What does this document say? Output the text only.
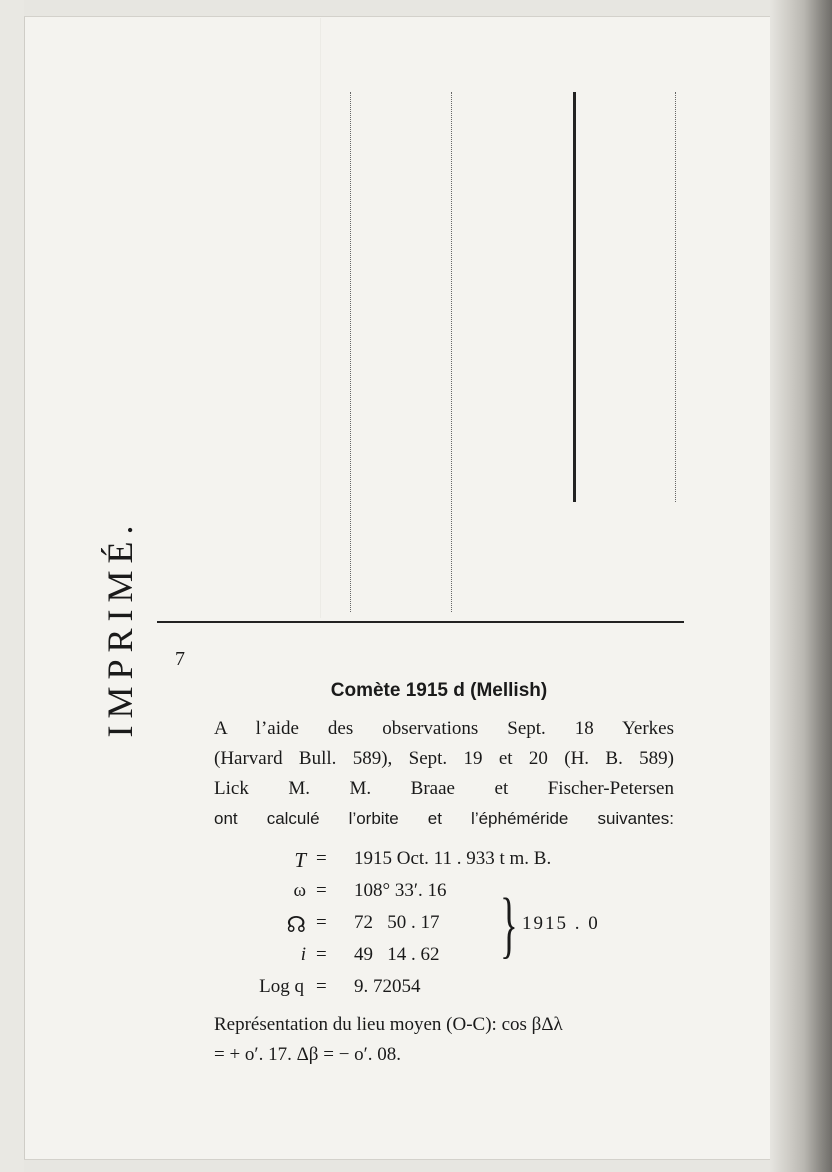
IMPRIMÉ. 7
Comète 1915 d (Mellish)
A l’aide des observations Sept. 18 Yerkes
(Harvard Bull. 589), Sept. 19 et 20 (H. B. 589)
Lick M. M. Braae et Fischer-Petersen
ont calculé l’orbite et l’éphéméride suivantes:
T = 1915 Oct. 11 . 933 t m. B.
ω = 108° 33′. 16
☊ = 72   50 . 17
i = 49   14 . 62
Log q = 9. 72054
} 1915 . 0
Représentation du lieu moyen (O-C): cos βΔλ
= + o′. 17. Δβ = − o′. 08.
